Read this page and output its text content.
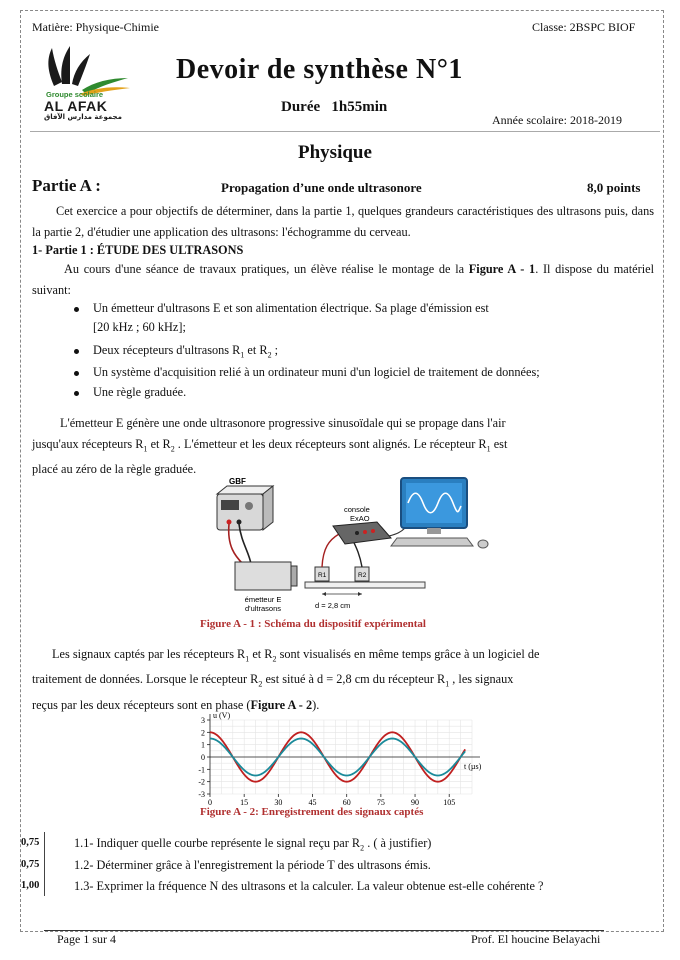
Matière: Physique-Chimie	Classe: 2BSPC BIOF
Groupe scolaire
AL AFAK
مجموعة مدارس الآفاق
Devoir de synthèse N°1
Durée   1h55min
Année scolaire: 2018-2019
Physique
Partie A :	Propagation d’une onde ultrasonore	8,0 points
Cet exercice a pour objectifs de déterminer, dans la partie 1, quelques grandeurs caractéristiques des ultrasons puis, dans la partie 2, d'étudier une application des ultrasons: l'échogramme du cerveau.
1- Partie 1 : ÉTUDE DES ULTRASONS
Au cours d'une séance de travaux pratiques, un élève réalise le montage de la Figure A - 1. Il dispose du matériel suivant:
Un émetteur d'ultrasons E et son alimentation électrique. Sa plage d'émission est
[20 kHz ; 60 kHz];
Deux récepteurs d'ultrasons $R_1$ et $R_2$ ;
Un système d'acquisition relié à un ordinateur muni d'un logiciel de traitement de données;
Une règle graduée.
L'émetteur E génère une onde ultrasonore progressive sinusoïdale qui se propage dans l'air
jusqu'aux récepteurs $R_1$ et $R_2$ . L'émetteur et les deux récepteurs sont alignés. Le récepteur $R_1$ est
placé au zéro de la règle graduée.
GBF
émetteur E
d'ultrasons
R1	R2
d = 2,8 cm
console
ExAO
Figure A - 1 : Schéma du dispositif expérimental
Les signaux captés par les récepteurs $R_1$ et $R_2$ sont visualisés en même temps grâce à un logiciel de
traitement de données. Lorsque le récepteur $R_2$ est situé à d = 2,8 cm du récepteur $R_1$ , les signaux
reçus par les deux récepteurs sont en phase (Figure A - 2).
0	15	30	45	60	75	90	105
3
2
1
0
-1
-2
-3
u (V)
t (µs)
Figure A - 2: Enregistrement des signaux captés
0,75	1.1- Indiquer quelle courbe représente le signal reçu par $R_2$ . ( à justifier)
0,75	1.2- Déterminer grâce à l'enregistrement la période T des ultrasons émis.
1,00	1.3- Exprimer la fréquence N des ultrasons et la calculer. La valeur obtenue est-elle cohérente ?
Page 1 sur 4	Prof. El houcine Belayachi
